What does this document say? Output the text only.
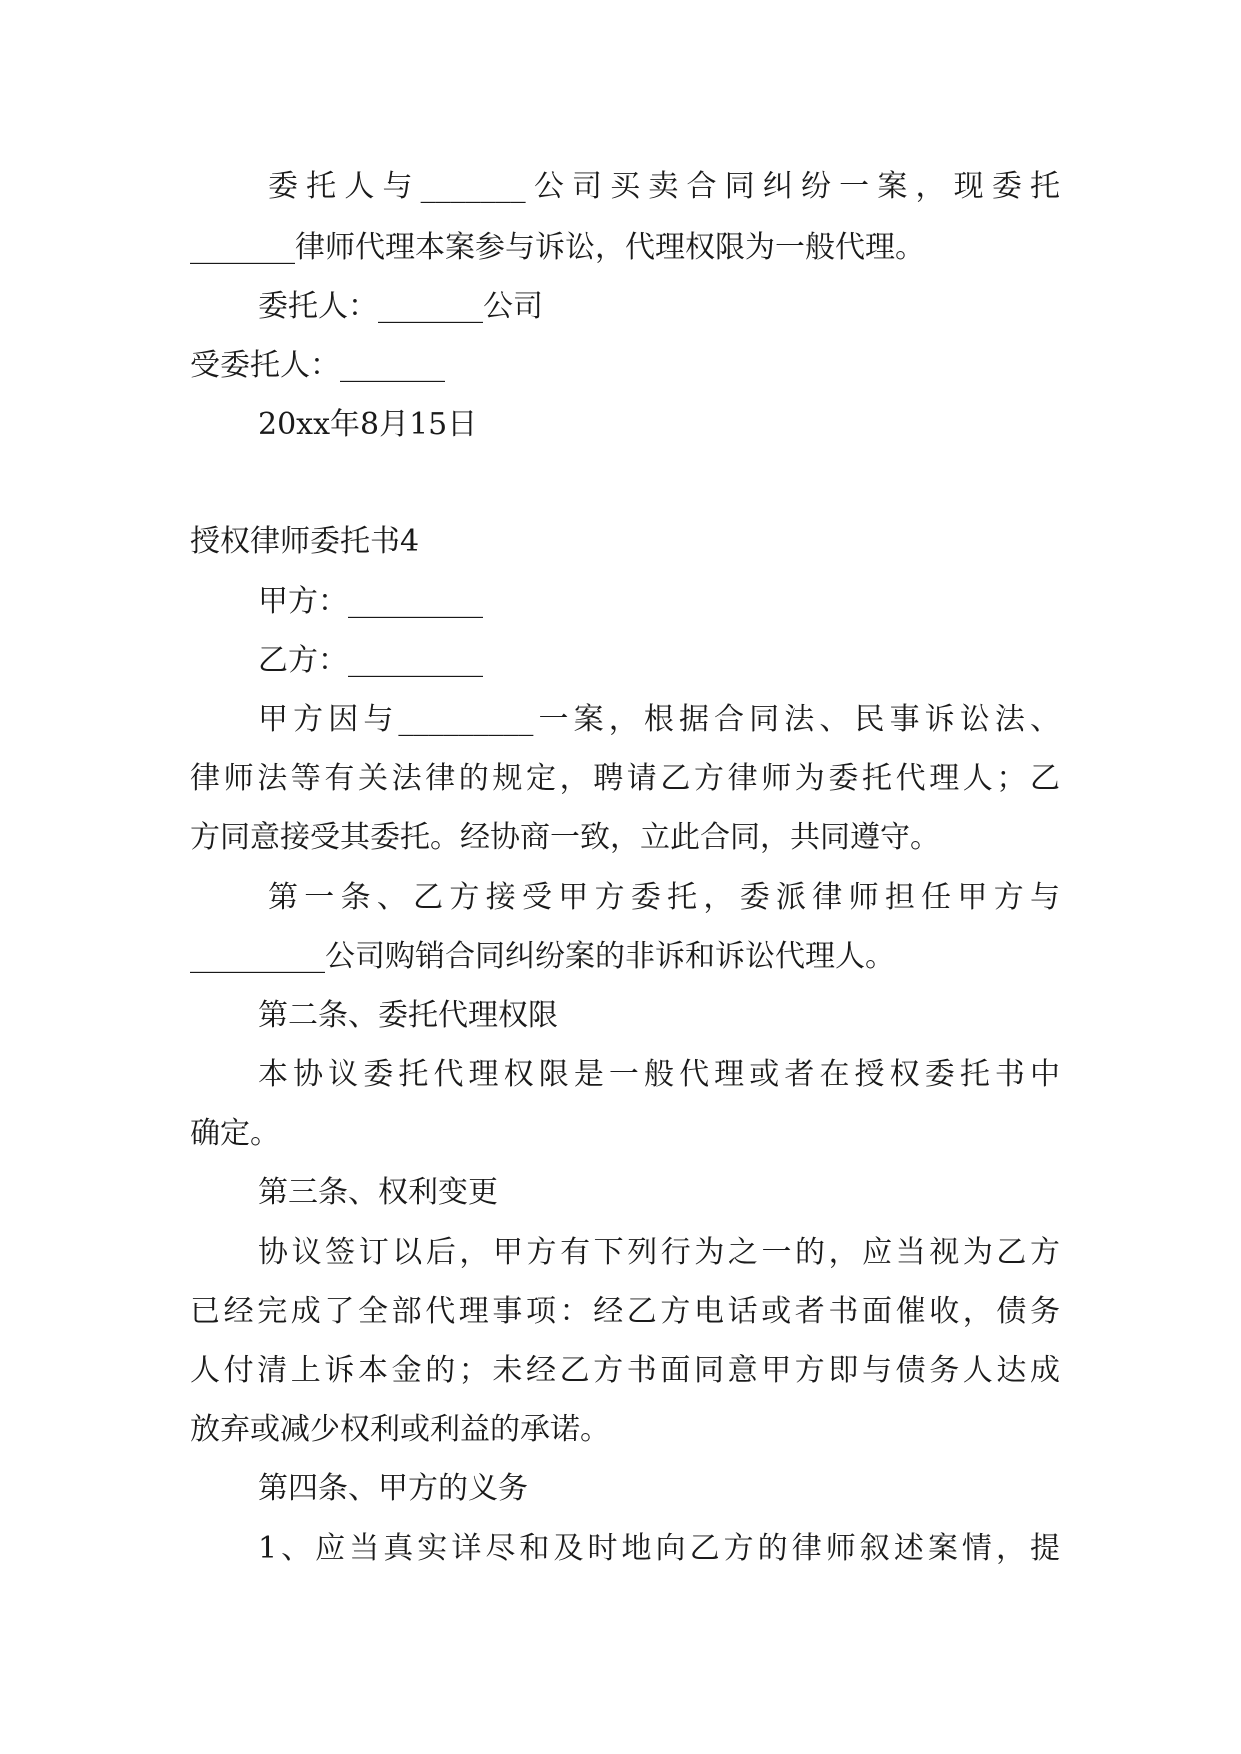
委托人与_______公司买卖合同纠纷一案，现委托
_______律师代理本案参与诉讼，代理权限为一般代理。
委托人：_______公司
受委托人：_______
20xx年8月15日
授权律师委托书4
甲方：_________
乙方：_________
甲方因与_________一案，根据合同法、民事诉讼法、
律师法等有关法律的规定，聘请乙方律师为委托代理人；乙
方同意接受其委托。经协商一致，立此合同，共同遵守。
第一条、乙方接受甲方委托，委派律师担任甲方与
_________公司购销合同纠纷案的非诉和诉讼代理人。
第二条、委托代理权限
本协议委托代理权限是一般代理或者在授权委托书中
确定。
第三条、权利变更
协议签订以后，甲方有下列行为之一的，应当视为乙方
已经完成了全部代理事项：经乙方电话或者书面催收，债务
人付清上诉本金的；未经乙方书面同意甲方即与债务人达成
放弃或减少权利或利益的承诺。
第四条、甲方的义务
1、应当真实详尽和及时地向乙方的律师叙述案情，提
